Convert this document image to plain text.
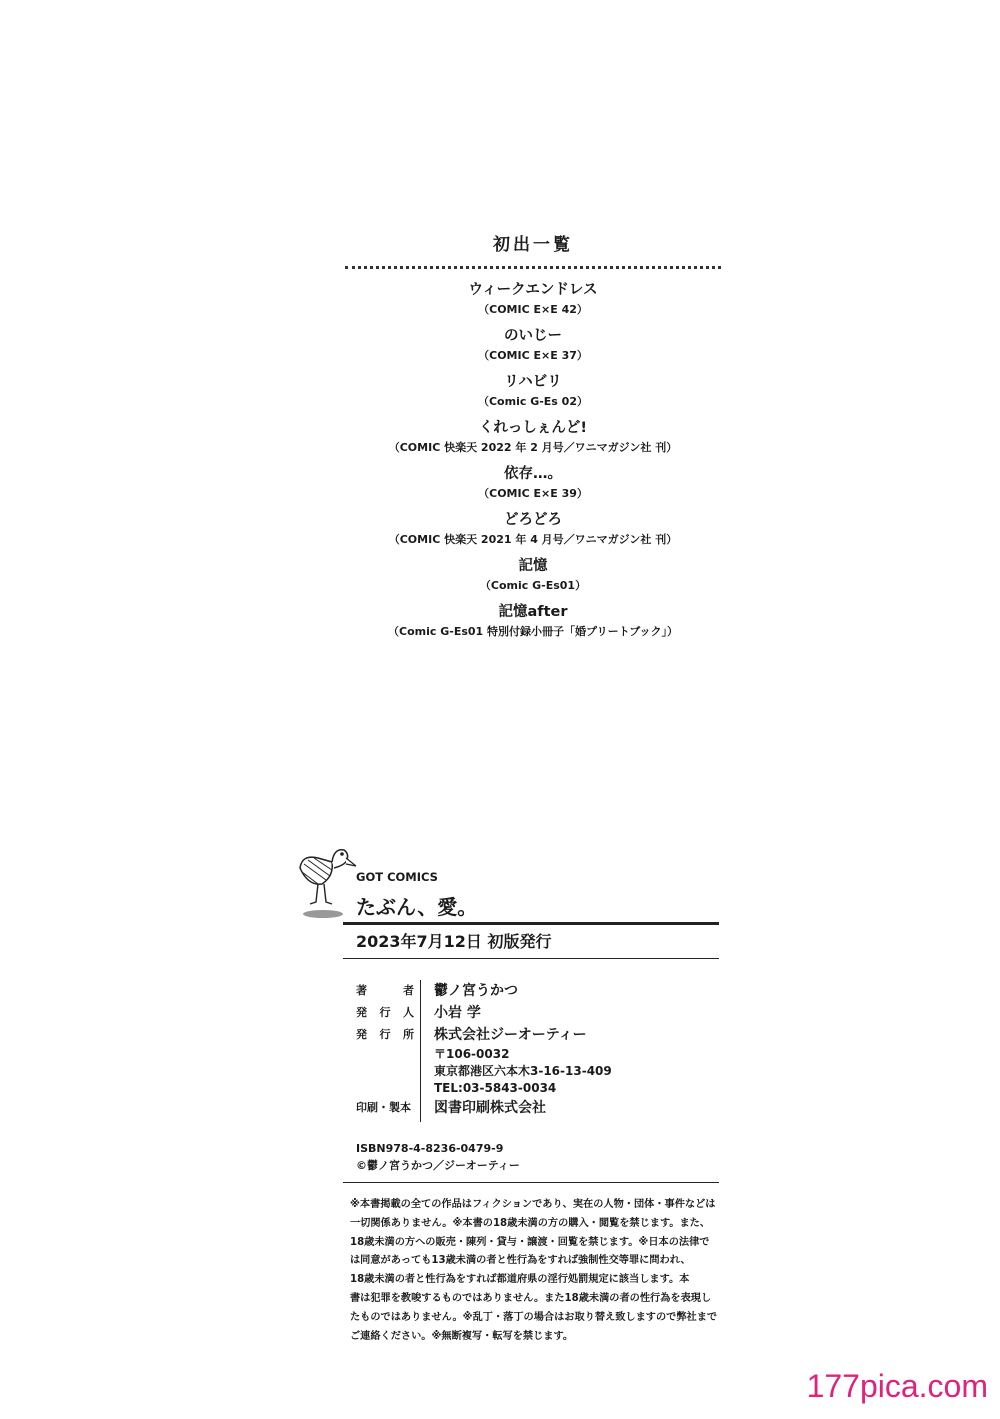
初出一覧
ウィークエンドレス
（COMIC E×E 42）
のいじー
（COMIC E×E 37）
リハビリ
（Comic G-Es 02）
くれっしぇんど!
（COMIC 快楽天 2022 年 2 月号／ワニマガジン社 刊）
依存…。
（COMIC E×E 39）
どろどろ
（COMIC 快楽天 2021 年 4 月号／ワニマガジン社 刊）
記憶
（Comic G-Es01）
記憶after
（Comic G-Es01 特別付録小冊子「婚プリートブック」）
GOT COMICS
たぶん、愛。
2023年7月12日 初版発行
著	者 鬱ノ宮うかつ
発 行 人 小岩 学
発 行 所 株式会社ジーオーティー
〒106-0032
東京都港区六本木3-16-13-409
TEL:03-5843-0034
印刷・製本 図書印刷株式会社
ISBN978-4-8236-0479-9
©鬱ノ宮うかつ／ジーオーティー
※本書掲載の全ての作品はフィクションであり、実在の人物・団体・事件などは
一切関係ありません。※本書の18歳未満の方の購入・閲覧を禁じます。また、
18歳未満の方への販売・陳列・貸与・譲渡・回覧を禁じます。※日本の法律で
は同意があっても13歳未満の者と性行為をすれば強制性交等罪に問われ、
18歳未満の者と性行為をすれば都道府県の淫行処罰規定に該当します。本
書は犯罪を教唆するものではありません。また18歳未満の者の性行為を表現し
たものではありません。※乱丁・落丁の場合はお取り替え致しますので弊社まで
ご連絡ください。※無断複写・転写を禁じます。
177pica.com
